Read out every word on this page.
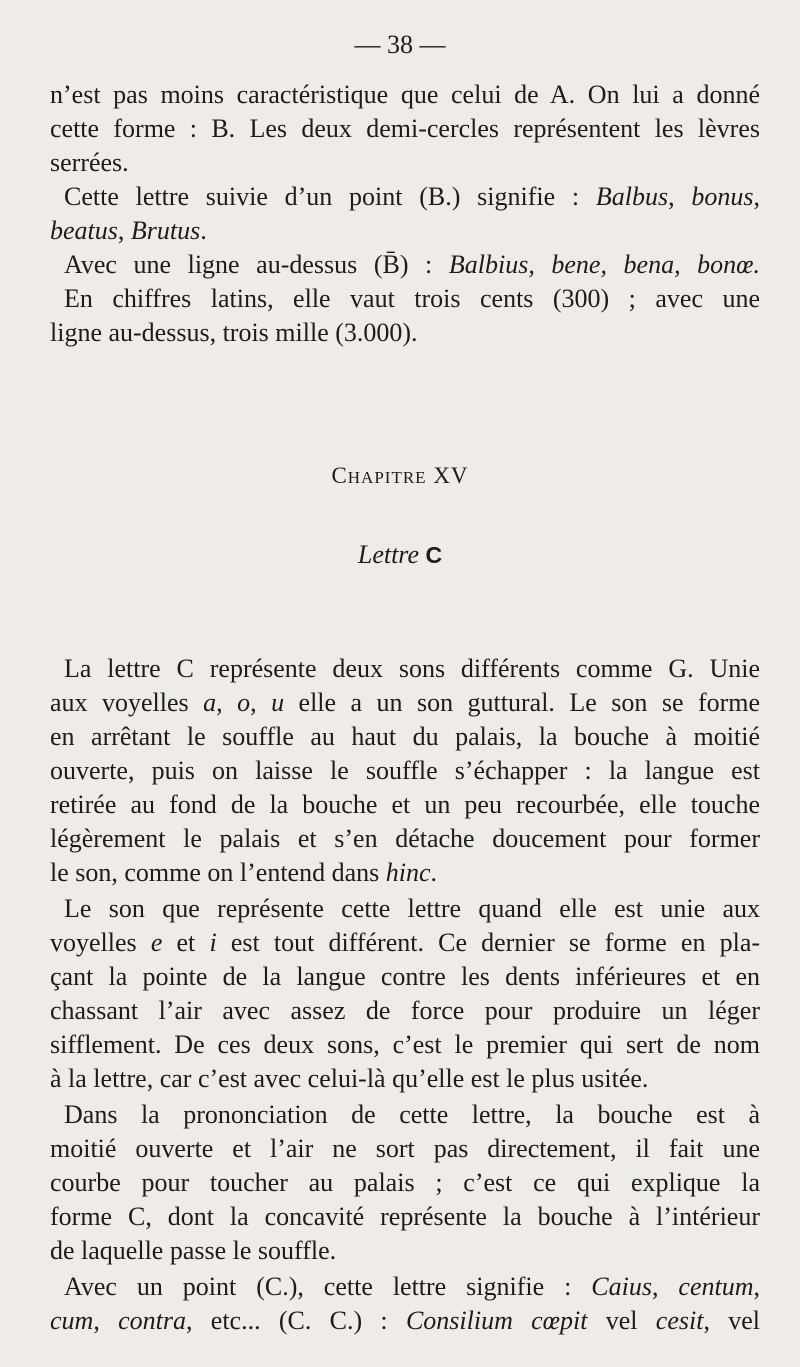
— 38 —
n’est pas moins caractéristique que celui de A. On lui a donné
cette forme : B. Les deux demi-cercles représentent les lèvres
serrées.
Cette lettre suivie d’un point (B.) signifie : Balbus, bonus,
beatus, Brutus.
Avec une ligne au-dessus (B̄) : Balbius, bene, bena, bonœ.
En chiffres latins, elle vaut trois cents (300) ; avec une
ligne au-dessus, trois mille (3.000).
CHAPITRE XV
Lettre C
La lettre C représente deux sons différents comme G. Unie
aux voyelles a, o, u elle a un son guttural. Le son se forme
en arrêtant le souffle au haut du palais, la bouche à moitié
ouverte, puis on laisse le souffle s’échapper : la langue est
retirée au fond de la bouche et un peu recourbée, elle touche
légèrement le palais et s’en détache doucement pour former
le son, comme on l’entend dans hinc.
Le son que représente cette lettre quand elle est unie aux
voyelles e et i est tout différent. Ce dernier se forme en pla-
çant la pointe de la langue contre les dents inférieures et en
chassant l’air avec assez de force pour produire un léger
sifflement. De ces deux sons, c’est le premier qui sert de nom
à la lettre, car c’est avec celui-là qu’elle est le plus usitée.
Dans la prononciation de cette lettre, la bouche est à
moitié ouverte et l’air ne sort pas directement, il fait une
courbe pour toucher au palais ; c’est ce qui explique la
forme C, dont la concavité représente la bouche à l’intérieur
de laquelle passe le souffle.
Avec un point (C.), cette lettre signifie : Caius, centum,
cum, contra, etc... (C. C.) : Consilium cœpit vel cesit, vel
